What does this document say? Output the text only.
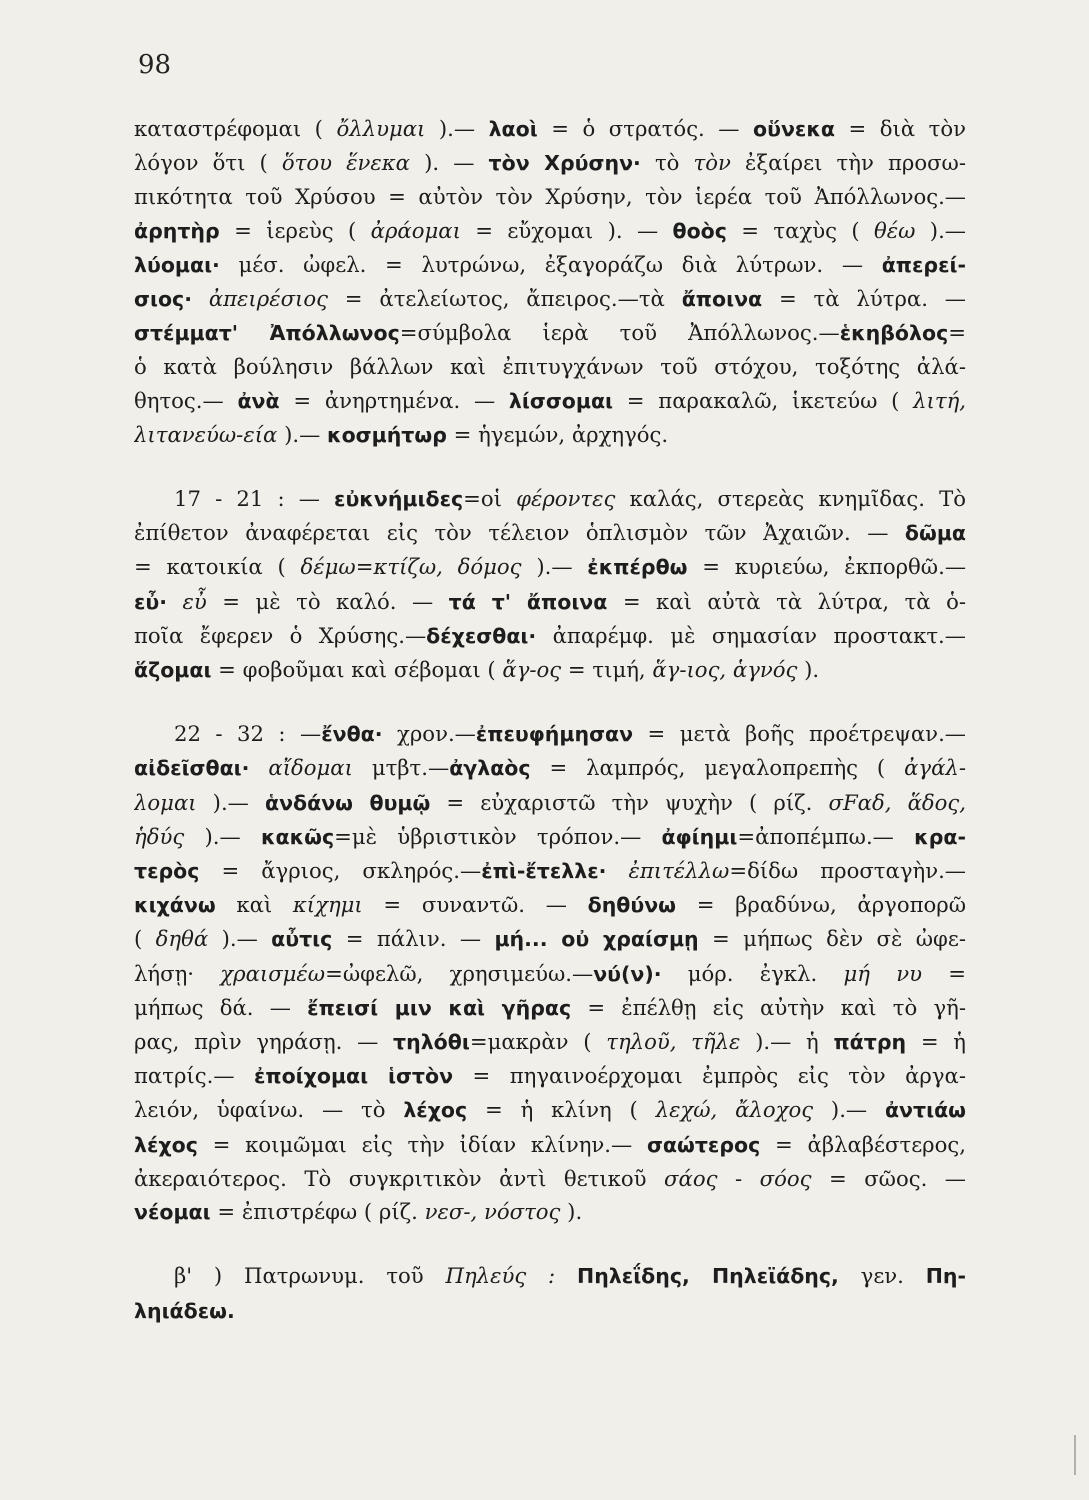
98
καταστρέφομαι ( ὄλλυμαι ).— λαοὶ = ὁ στρατός. — οὕνεκα = διὰ τὸν
λόγον ὅτι ( ὅτου ἕνεκα ). — τὸν Χρύσην· τὸ τὸν ἐξαίρει τὴν προσω-
πικότητα τοῦ Χρύσου = αὐτὸν τὸν Χρύσην, τὸν ἱερέα τοῦ Ἀπόλλωνος.—
ἀρητὴρ = ἱερεὺς ( ἀράομαι = εὔχομαι ). — θοὸς = ταχὺς ( θέω ).—
λύομαι· μέσ. ὠφελ. = λυτρώνω, ἐξαγοράζω διὰ λύτρων. — ἀπερεί-
σιος· ἀπειρέσιος = ἀτελείωτος, ἄπειρος.—τὰ ἄποινα = τὰ λύτρα. —
στέμματ' Ἀπόλλωνος=σύμβολα ἱερὰ τοῦ Ἀπόλλωνος.—ἑκηβόλος=
ὁ κατὰ βούλησιν βάλλων καὶ ἐπιτυγχάνων τοῦ στόχου, τοξότης ἀλά-
θητος.— ἀνὰ = ἀνηρτημένα. — λίσσομαι = παρακαλῶ, ἱκετεύω ( λιτή,
λιτανεύω-εία ).— κοσμήτωρ = ἡγεμών, ἀρχηγός.
17 - 21 : — εὐκνήμιδες=οἱ φέροντες καλάς, στερεὰς κνημῖδας. Τὸ
ἐπίθετον ἀναφέρεται εἰς τὸν τέλειον ὁπλισμὸν τῶν Ἀχαιῶν. — δῶμα
= κατοικία ( δέμω=κτίζω, δόμος ).— ἐκπέρθω = κυριεύω, ἐκπορθῶ.—
εὖ· εὖ = μὲ τὸ καλό. — τά τ' ἄποινα = καὶ αὐτὰ τὰ λύτρα, τὰ ὁ-
ποῖα ἔφερεν ὁ Χρύσης.—δέχεσθαι· ἀπαρέμφ. μὲ σημασίαν προστακτ.—
ἅζομαι = φοβοῦμαι καὶ σέβομαι ( ἅγ-ος = τιμή, ἅγ-ιος, ἁγνός ).
22 - 32 : —ἔνθα· χρον.—ἐπευφήμησαν = μετὰ βοῆς προέτρεψαν.—
αἰδεῖσθαι· αἴδομαι μτβτ.—ἀγλαὸς = λαμπρός, μεγαλοπρεπὴς ( ἀγάλ-
λομαι ).— ἁνδάνω θυμῷ = εὐχαριστῶ τὴν ψυχὴν ( ρίζ. σFαδ, ἅδος,
ἡδύς ).— κακῶς=μὲ ὑβριστικὸν τρόπον.— ἀφίημι=ἀποπέμπω.— κρα-
τερὸς = ἄγριος, σκληρός.—ἐπὶ-ἔτελλε· ἐπιτέλλω=δίδω προσταγὴν.—
κιχάνω καὶ κίχημι = συναντῶ. — δηθύνω = βραδύνω, ἀργοπορῶ
( δηθά ).— αὖτις = πάλιν. — μή... οὐ χραίσμῃ = μήπως δὲν σὲ ὠφε-
λήσῃ· χραισμέω=ὠφελῶ, χρησιμεύω.—νύ(ν)· μόρ. ἐγκλ. μή νυ =
μήπως δά. — ἔπεισί μιν καὶ γῆρας = ἐπέλθῃ εἰς αὐτὴν καὶ τὸ γῆ-
ρας, πρὶν γηράσῃ. — τηλόθι=μακρὰν ( τηλοῦ, τῆλε ).— ἡ πάτρη = ἡ
πατρίς.— ἐποίχομαι ἱστὸν = πηγαινοέρχομαι ἐμπρὸς εἰς τὸν ἀργα-
λειόν, ὑφαίνω. — τὸ λέχος = ἡ κλίνη ( λεχώ, ἄλοχος ).— ἀντιάω
λέχος = κοιμῶμαι εἰς τὴν ἰδίαν κλίνην.— σαώτερος = ἀβλαβέστερος,
ἀκεραιότερος. Τὸ συγκριτικὸν ἀντὶ θετικοῦ σάος - σόος = σῶος. —
νέομαι = ἐπιστρέφω ( ρίζ. νεσ-, νόστος ).
β' ) Πατρωνυμ. τοῦ Πηλεύς : Πηλεΐδης, Πηλεϊάδης, γεν. Πη-
ληιάδεω.
